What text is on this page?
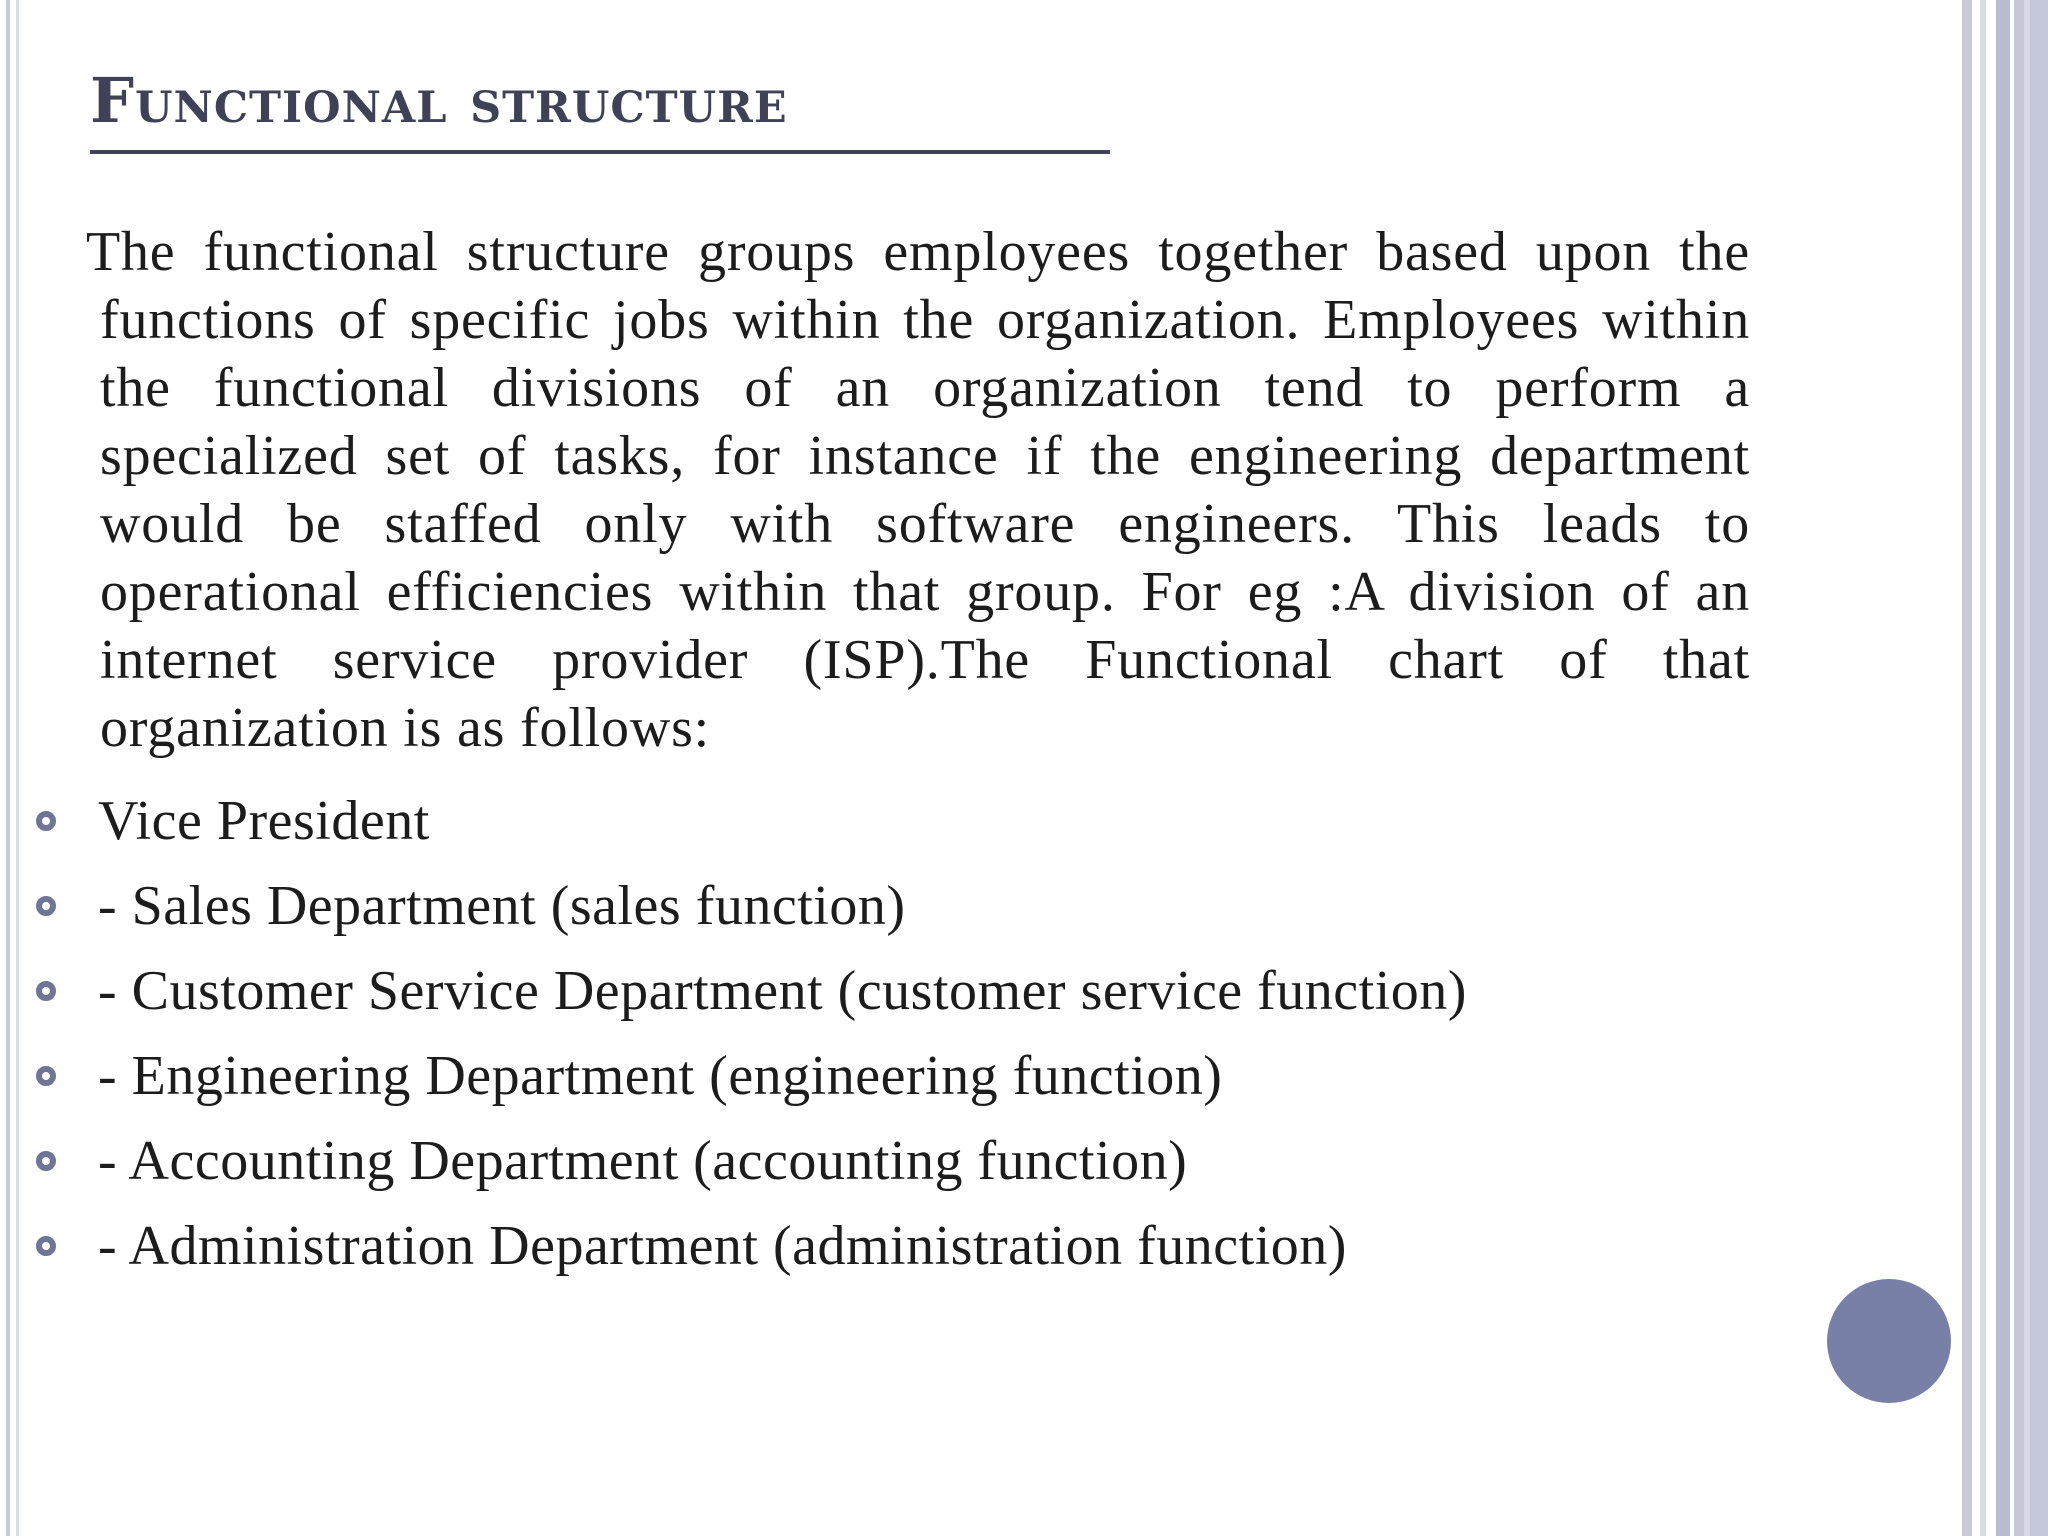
Functional structure

The functional structure groups employees together based upon the functions of specific jobs within the organization. Employees within the functional divisions of an organization tend to perform a specialized set of tasks, for instance if the engineering department would be staffed only with software engineers. This leads to operational efficiencies within that group. For eg :A division of an internet service provider (ISP).The Functional chart of that organization is as follows:

Vice President
- Sales Department (sales function)
- Customer Service Department (customer service function)
- Engineering Department (engineering function)
- Accounting Department (accounting function)
- Administration Department (administration function)
